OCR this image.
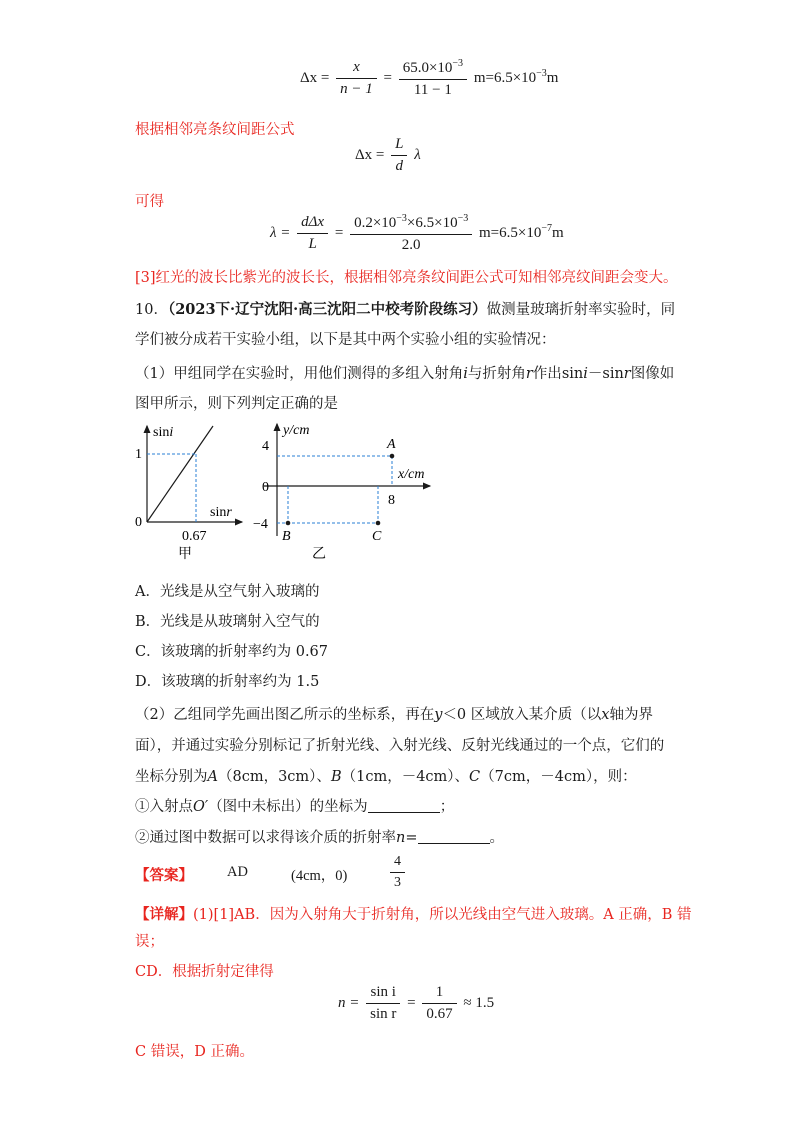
$\Delta x = \frac{x}{n - 1} = \frac{65.0\times 10^{-3}}{11 - 1} m=6.5\times 10^{-3}m$
根据相邻亮条纹间距公式
$\Delta x = \frac{L}{d}$ λ
可得
$\lambda = \frac{\text{dΔx}}{L} = \frac{0.2\times 10^{-3}\times 6.5\times 10^{-3}}{2.0} m=6.5\times 10^{-7}m$
[3]红光的波长比紫光的波长长，根据相邻亮条纹间距公式可知相邻亮纹间距会变大。
10．（2023下·辽宁沈阳·高三沈阳二中校考阶段练习）做测量玻璃折射率实验时，同
学们被分成若干实验小组，以下是其中两个实验小组的实验情况：
（1）甲组同学在实验时，用他们测得的多组入射角i与折射角r作出sini－sinr图像如
图甲所示，则下列判定正确的是
sini
sinr
1
0
0.67
甲
y/cm
x/cm
4
0
−4
8
A
B	C
乙
A．光线是从空气射入玻璃的
B．光线是从玻璃射入空气的
C．该玻璃的折射率约为 0.67
D．该玻璃的折射率约为 1.5
（2）乙组同学先画出图乙所示的坐标系，再在y＜0 区域放入某介质（以x轴为界
面），并通过实验分别标记了折射光线、入射光线、反射光线通过的一个点，它们的
坐标分别为A（8cm，3cm）、B（1cm，－4cm）、C（7cm，－4cm），则：
①入射点O′（图中未标出）的坐标为	；
②通过图中数据可以求得该介质的折射率n=	。
【答案】 AD	(4cm，0)	$\frac{4}{3}$
【详解】(1)[1]AB．因为入射角大于折射角，所以光线由空气进入玻璃。A 正确，B 错
误；
CD．根据折射定律得
$n = \frac{\text{sin i}}{\text{sin r}} = \frac{1}{0.67} \approx 1.5$
C 错误，D 正确。
